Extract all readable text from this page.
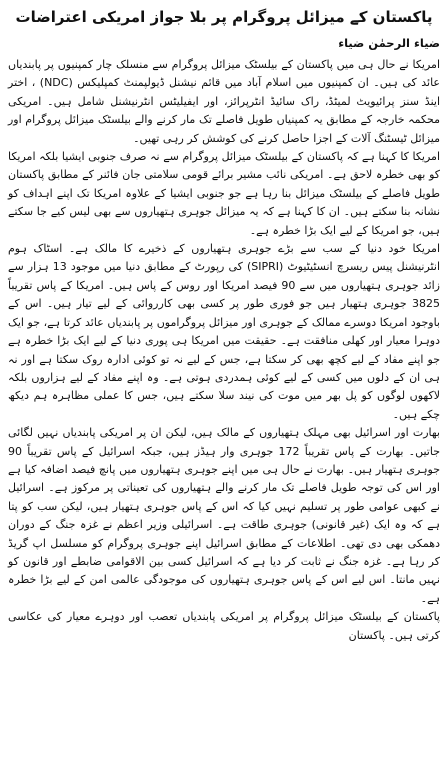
پاکستان کے میزائل پروگرام پر بلا جواز امریکی اعتراضات
ضیاء الرحمٰن ضیاء

امریکا نے حال ہی میں پاکستان کے بیلسٹک میزائل پروگرام سے منسلک چار کمپنیوں پر پابندیاں عائد کی ہیں۔ ان کمپنیوں میں اسلام آباد میں قائم نیشنل ڈیولپمنٹ کمپلیکس (NDC) ، اختر اینڈ سنز پرائیویٹ لمیٹڈ، راک سائیڈ انٹرپرائز، اور ایفیلیٹس انٹرنیشنل شامل ہیں۔ امریکی محکمہ خارجہ کے مطابق یہ کمپنیاں طویل فاصلے تک مار کرنے والے بیلسٹک میزائل پروگرام اور میزائل ٹیسٹنگ آلات کے اجزا حاصل کرنے کی کوشش کر رہی تھیں۔

امریکا کا کہنا ہے کہ پاکستان کے بیلسٹک میزائل پروگرام سے نہ صرف جنوبی ایشیا بلکہ امریکا کو بھی خطرہ لاحق ہے۔ امریکی نائب مشیر برائے قومی سلامتی جان فائنر کے مطابق پاکستان طویل فاصلے کے بیلسٹک میزائل بنا رہا ہے جو جنوبی ایشیا کے علاوہ امریکا تک اپنے اہداف کو نشانہ بنا سکتے ہیں۔ ان کا کہنا ہے کہ یہ میزائل جوہری ہتھیاروں سے بھی لیس کیے جا سکتے ہیں، جو امریکا کے لیے ایک بڑا خطرہ ہے۔

امریکا خود دنیا کے سب سے بڑے جوہری ہتھیاروں کے ذخیرے کا مالک ہے۔ اسٹاک ہوم انٹرنیشنل پیس ریسرچ انسٹیٹیوٹ (SIPRI) کی رپورٹ کے مطابق دنیا میں موجود 13 ہزار سے زائد جوہری ہتھیاروں میں سے 90 فیصد امریکا اور روس کے پاس ہیں۔ امریکا کے پاس تقریباً 3825 جوہری ہتھیار ہیں جو فوری طور پر کسی بھی کارروائی کے لیے تیار ہیں۔ اس کے باوجود امریکا دوسرے ممالک کے جوہری اور میزائل پروگراموں پر پابندیاں عائد کرتا ہے، جو ایک دوہرا معیار اور کھلی منافقت ہے۔ حقیقت میں امریکا ہی پوری دنیا کے لیے ایک بڑا خطرہ ہے جو اپنے مفاد کے لیے کچھ بھی کر سکتا ہے، جس کے لیے نہ تو کوئی ادارہ روک سکتا ہے اور نہ ہی ان کے دلوں میں کسی کے لیے کوئی ہمدردی ہوتی ہے۔ وہ اپنے مفاد کے لیے ہزاروں بلکہ لاکھوں لوگوں کو پل بھر میں موت کی نیند سلا سکتے ہیں، جس کا عملی مظاہرہ ہم دیکھ چکے ہیں۔

بھارت اور اسرائیل بھی مہلک ہتھیاروں کے مالک ہیں، لیکن ان پر امریکی پابندیاں نہیں لگائی جاتیں۔ بھارت کے پاس تقریباً 172 جوہری وار ہیڈز ہیں، جبکہ اسرائیل کے پاس تقریباً 90 جوہری ہتھیار ہیں۔ بھارت نے حال ہی میں اپنے جوہری ہتھیاروں میں پانچ فیصد اضافہ کیا ہے اور اس کی توجہ طویل فاصلے تک مار کرنے والے ہتھیاروں کی تعیناتی پر مرکوز ہے۔ اسرائیل نے کبھی عوامی طور پر تسلیم نہیں کیا کہ اس کے پاس جوہری ہتھیار ہیں، لیکن سب کو پتا ہے کہ وہ ایک (غیر قانونی) جوہری طاقت ہے۔ اسرائیلی وزیر اعظم نے غزہ جنگ کے دوران دھمکی بھی دی تھی۔ اطلاعات کے مطابق اسرائیل اپنے جوہری پروگرام کو مسلسل اپ گریڈ کر رہا ہے۔ غزہ جنگ نے ثابت کر دیا ہے کہ اسرائیل کسی بین الاقوامی ضابطے اور قانون کو نہیں مانتا۔ اس لیے اس کے پاس جوہری ہتھیاروں کی موجودگی عالمی امن کے لیے بڑا خطرہ ہے۔

پاکستان کے بیلسٹک میزائل پروگرام پر امریکی پابندیاں تعصب اور دوہرے معیار کی عکاسی کرتی ہیں۔ پاکستان
